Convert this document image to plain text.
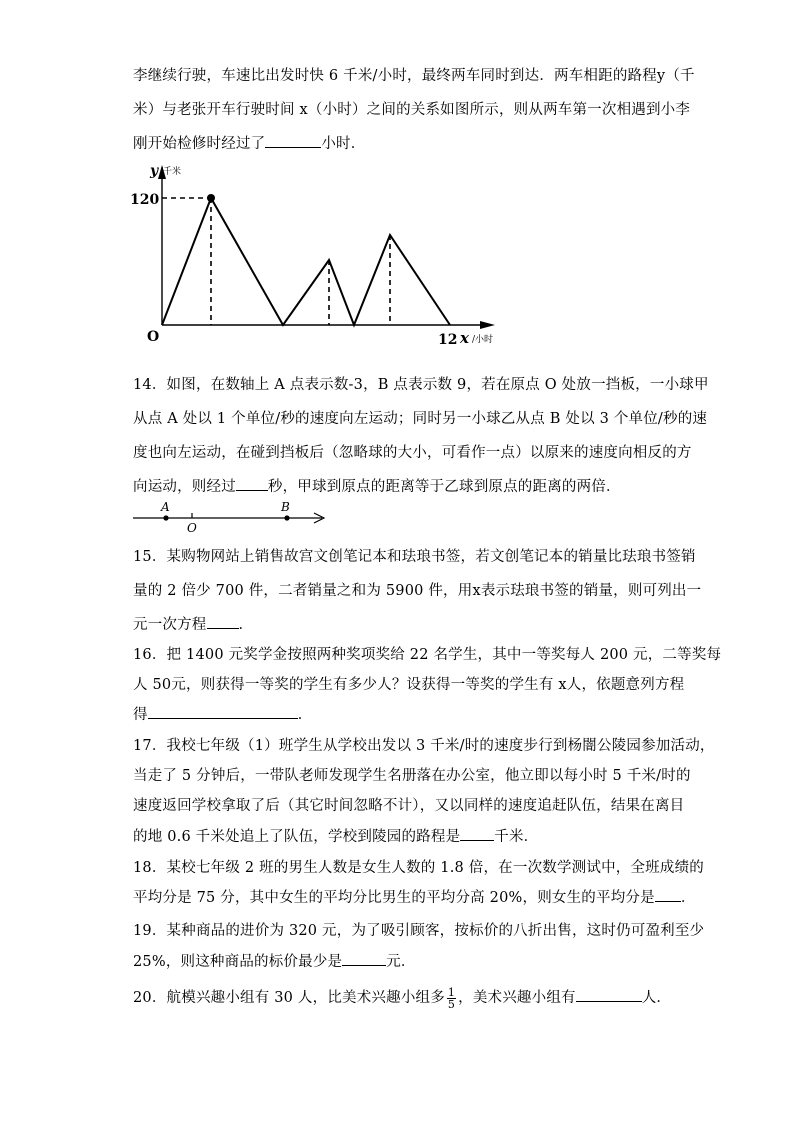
李继续行驶，车速比出发时快 6 千米/小时，最终两车同时到达．两车相距的路程y（千
米）与老张开车行驶时间 x（小时）之间的关系如图所示，则从两车第一次相遇到小李
刚开始检修时经过了	小时．
y /千米
120
O	12 x /小时
14．如图，在数轴上 A 点表示数-3，B 点表示数 9，若在原点 O 处放一挡板，一小球甲
从点 A 处以 1 个单位/秒的速度向左运动；同时另一小球乙从点 B 处以 3 个单位/秒的速
度也向左运动，在碰到挡板后（忽略球的大小，可看作一点）以原来的速度向相反的方
向运动，则经过 秒，甲球到原点的距离等于乙球到原点的距离的两倍．
A
O
B
15．某购物网站上销售故宫文创笔记本和珐琅书签，若文创笔记本的销量比珐琅书签销
量的 2 倍少 700 件，二者销量之和为 5900 件，用x表示珐琅书签的销量，则可列出一
元一次方程 ．
16．把 1400 元奖学金按照两种奖项奖给 22 名学生，其中一等奖每人 200 元，二等奖每
人 50元，则获得一等奖的学生有多少人？设获得一等奖的学生有 x人，依题意列方程
得	．
17．我校七年级（1）班学生从学校出发以 3 千米/时的速度步行到杨闇公陵园参加活动，
当走了 5 分钟后，一带队老师发现学生名册落在办公室，他立即以每小时 5 千米/时的
速度返回学校拿取了后（其它时间忽略不计），又以同样的速度追赶队伍，结果在离目
的地 0.6 千米处追上了队伍，学校到陵园的路程是 千米．
18．某校七年级 2 班的男生人数是女生人数的 1.8 倍，在一次数学测试中，全班成绩的
平均分是 75 分，其中女生的平均分比男生的平均分高 20%，则女生的平均分是 ．
19．某种商品的进价为 320 元，为了吸引顾客，按标价的八折出售，这时仍可盈利至少
25%，则这种商品的标价最少是	元．
20．航模兴趣小组有 30 人，比美术兴趣小组多 $\frac{1}{5}$ ，美术兴趣小组有	人．
